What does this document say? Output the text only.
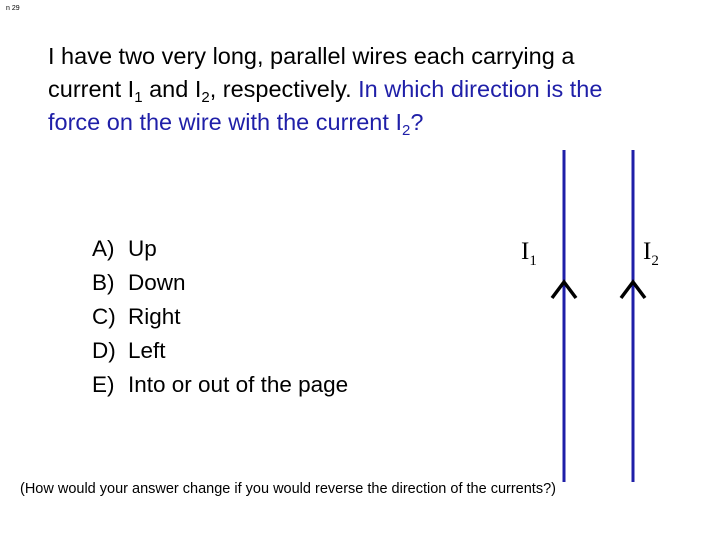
n 29
I have two very long, parallel wires each carrying a
current $I_1$ and $I_2$, respectively. In which direction is the
force on the wire with the current $I_2$?
A) Up
B) Down
C) Right
D) Left
E) Into or out of the page
$I_1$	$I_2$
(How would your answer change if you would reverse the direction of the currents?)
